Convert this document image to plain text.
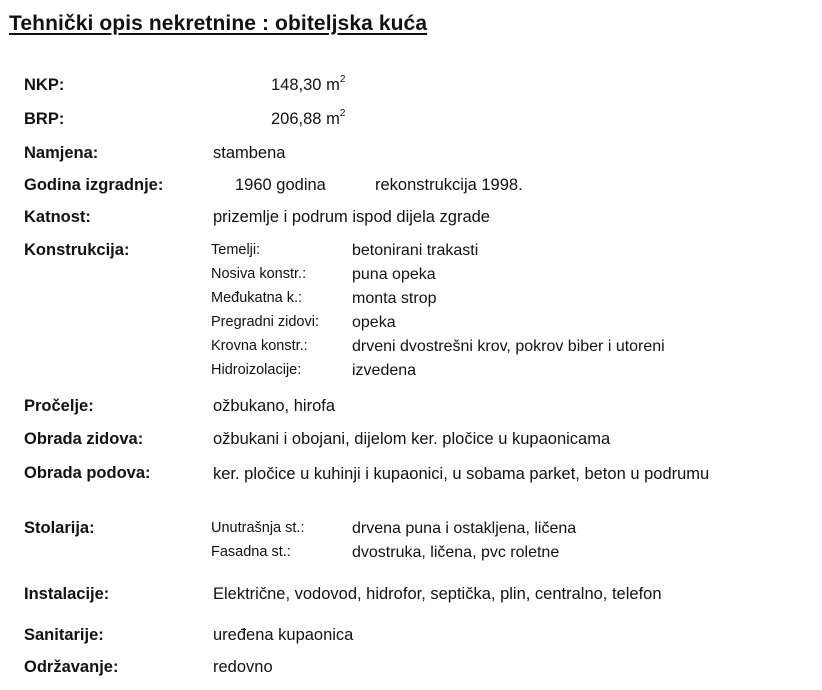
Tehnički opis nekretnine : obiteljska kuća
NKP:	148,30 $m^2$
BRP:	206,88 $m^2$
Namjena:	stambena
Godina izgradnje:	1960 godina	rekonstrukcija 1998.
Katnost:	prizemlje i podrum ispod dijela zgrade
Konstrukcija:	Temelji:	betonirani trakasti
Nosiva konstr.:	puna opeka
Međukatna k.:	monta strop
Pregradni zidovi: opeka
Krovna konstr.:	drveni dvostrešni krov, pokrov biber i utoreni
Hidroizolacije:	izvedena
Pročelje:	ožbukano, hirofa
Obrada zidova:	ožbukani i obojani, dijelom ker. pločice u kupaonicama
Obrada podova:	ker. pločice u kuhinji i kupaonici, u sobama parket, beton u podrumu
Stolarija:	Unutrašnja st.:	drvena puna i ostakljena, ličena
Fasadna st.:	dvostruka, ličena, pvc roletne
Instalacije:	Električne, vodovod, hidrofor, septička, plin, centralno, telefon
Sanitarije:	uređena kupaonica
Održavanje:	redovno
